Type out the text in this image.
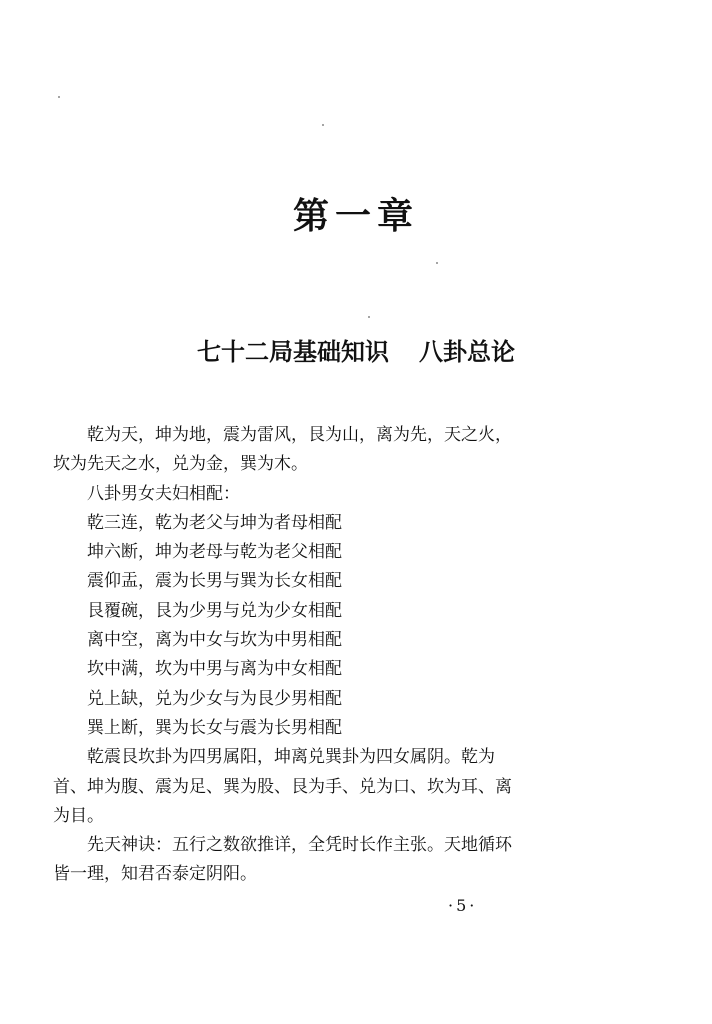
第一章
七十二局基础知识 八卦总论

乾为天，坤为地，震为雷风，艮为山，离为先，天之火，坎为先天之水，兑为金，巽为木。

八卦男女夫妇相配：

乾三连，乾为老父与坤为者母相配

坤六断，坤为老母与乾为老父相配

震仰盂，震为长男与巽为长女相配

艮覆碗，艮为少男与兑为少女相配

离中空，离为中女与坎为中男相配

坎中满，坎为中男与离为中女相配

兑上缺，兑为少女与为艮少男相配

巽上断，巽为长女与震为长男相配

乾震艮坎卦为四男属阳，坤离兑巽卦为四女属阴。乾为首、坤为腹、震为足、巽为股、艮为手、兑为口、坎为耳、离为目。

先天神诀：五行之数欲推详，全凭时长作主张。天地循环皆一理，知君否泰定阴阳。

·5·
